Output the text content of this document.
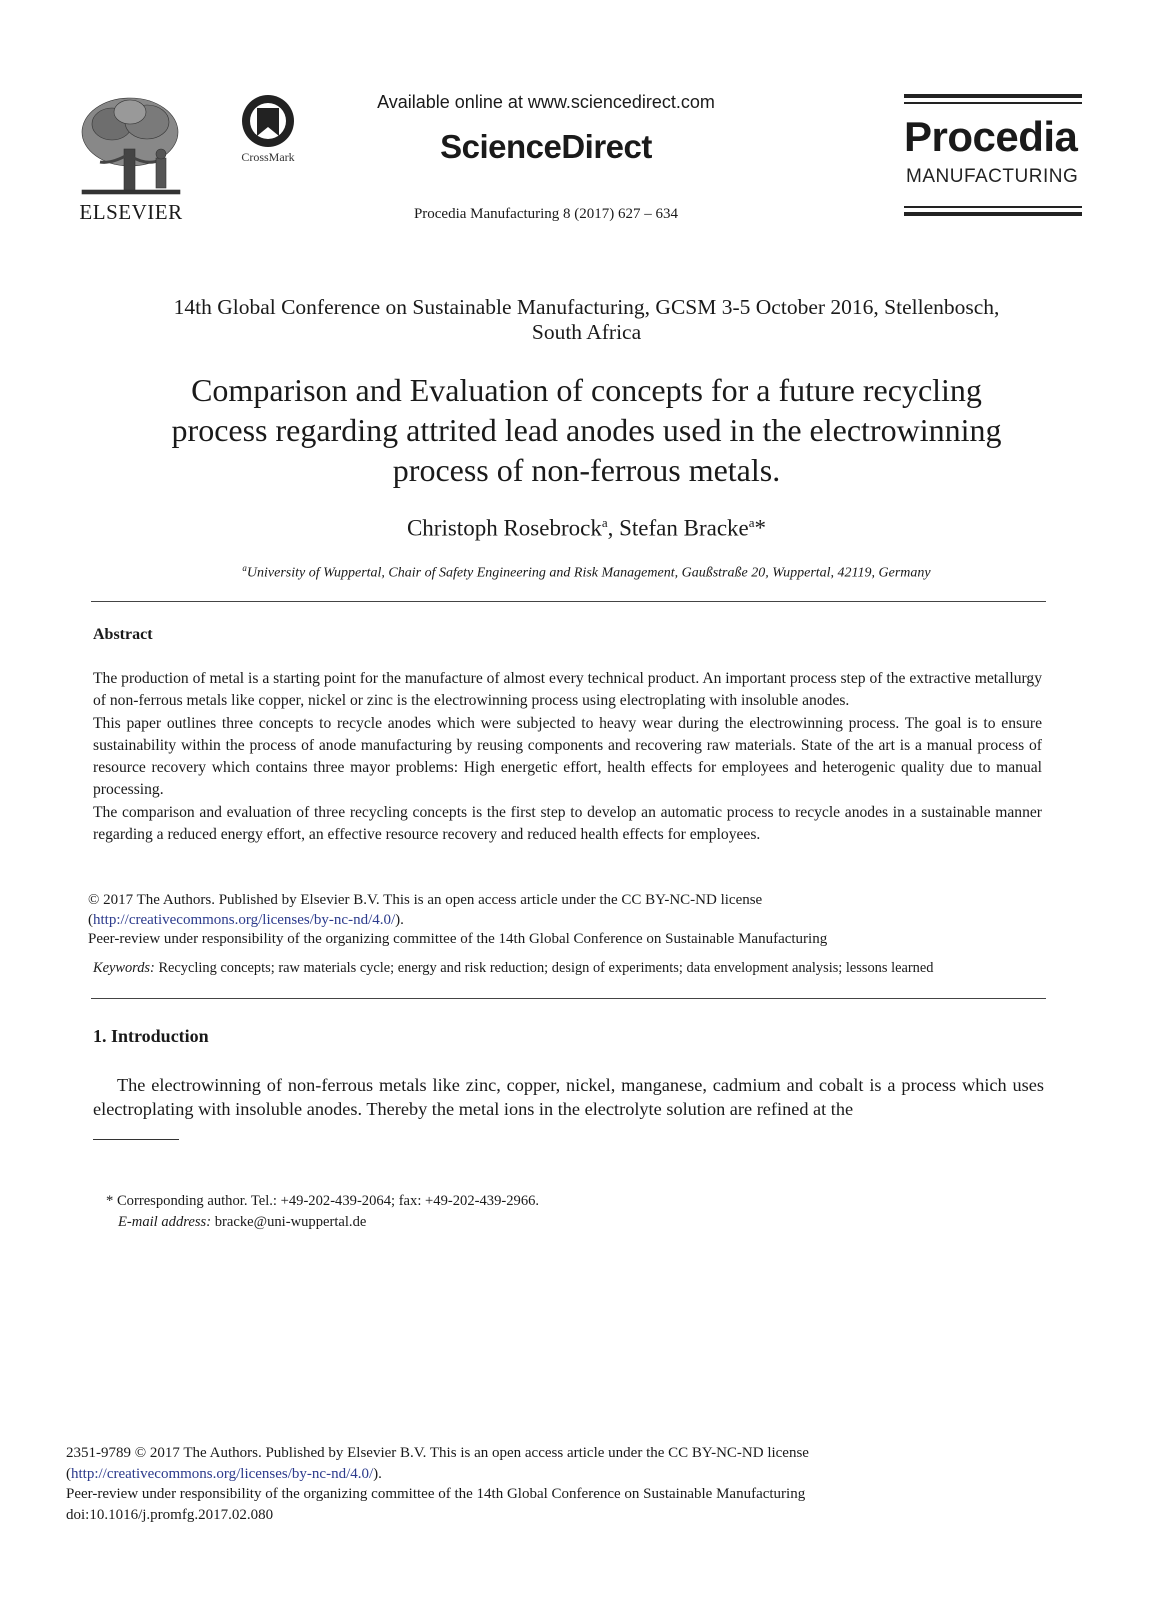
ELSEVIER
CrossMark
Available online at www.sciencedirect.com
ScienceDirect
Procedia Manufacturing 8 (2017) 627 – 634
Procedia
MANUFACTURING
14th Global Conference on Sustainable Manufacturing, GCSM 3-5 October 2016, Stellenbosch,
South Africa
Comparison and Evaluation of concepts for a future recycling
process regarding attrited lead anodes used in the electrowinning
process of non-ferrous metals.
Christoph Rosebrock$^a$, Stefan Bracke$^a$*
$^a$University of Wuppertal, Chair of Safety Engineering and Risk Management, Gaußstraße 20, Wuppertal, 42119, Germany
Abstract

The production of metal is a starting point for the manufacture of almost every technical product. An important process step of the extractive metallurgy of non-ferrous metals like copper, nickel or zinc is the electrowinning process using electroplating with insoluble anodes.

This paper outlines three concepts to recycle anodes which were subjected to heavy wear during the electrowinning process. The goal is to ensure sustainability within the process of anode manufacturing by reusing components and recovering raw materials. State of the art is a manual process of resource recovery which contains three mayor problems: High energetic effort, health effects for employees and heterogenic quality due to manual processing.

The comparison and evaluation of three recycling concepts is the first step to develop an automatic process to recycle anodes in a sustainable manner regarding a reduced energy effort, an effective resource recovery and reduced health effects for employees.

© 2017 The Authors. Published by Elsevier B.V. This is an open access article under the CC BY-NC-ND license
(http://creativecommons.org/licenses/by-nc-nd/4.0/).
Peer-review under responsibility of the organizing committee of the 14th Global Conference on Sustainable Manufacturing
Keywords: Recycling concepts; raw materials cycle; energy and risk reduction; design of experiments; data envelopment analysis; lessons learned
1. Introduction
The electrowinning of non-ferrous metals like zinc, copper, nickel, manganese, cadmium and cobalt is a process which uses electroplating with insoluble anodes. Thereby the metal ions in the electrolyte solution are refined at the
* Corresponding author. Tel.: +49-202-439-2064; fax: +49-202-439-2966.
E-mail address: bracke@uni-wuppertal.de
2351-9789 © 2017 The Authors. Published by Elsevier B.V. This is an open access article under the CC BY-NC-ND license
(http://creativecommons.org/licenses/by-nc-nd/4.0/).
Peer-review under responsibility of the organizing committee of the 14th Global Conference on Sustainable Manufacturing
doi:10.1016/j.promfg.2017.02.080
